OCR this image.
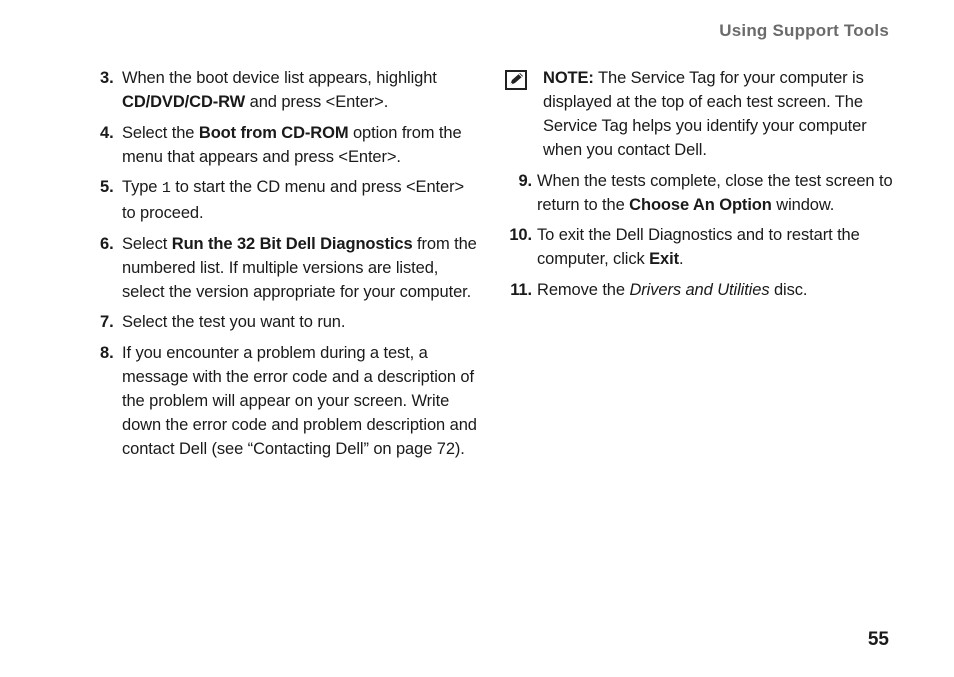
Using Support Tools
3. When the boot device list appears, highlight CD/DVD/CD-RW and press <Enter>.
4. Select the Boot from CD-ROM option from the menu that appears and press <Enter>.
5. Type 1 to start the CD menu and press <Enter> to proceed.
6. Select Run the 32 Bit Dell Diagnostics from the numbered list. If multiple versions are listed, select the version appropriate for your computer.
7. Select the test you want to run.
8. If you encounter a problem during a test, a message with the error code and a description of the problem will appear on your screen. Write down the error code and problem description and contact Dell (see “Contacting Dell” on page 72).
NOTE: The Service Tag for your computer is displayed at the top of each test screen. The Service Tag helps you identify your computer when you contact Dell.
9. When the tests complete, close the test screen to return to the Choose An Option window.
10. To exit the Dell Diagnostics and to restart the computer, click Exit.
11. Remove the Drivers and Utilities disc.
55
